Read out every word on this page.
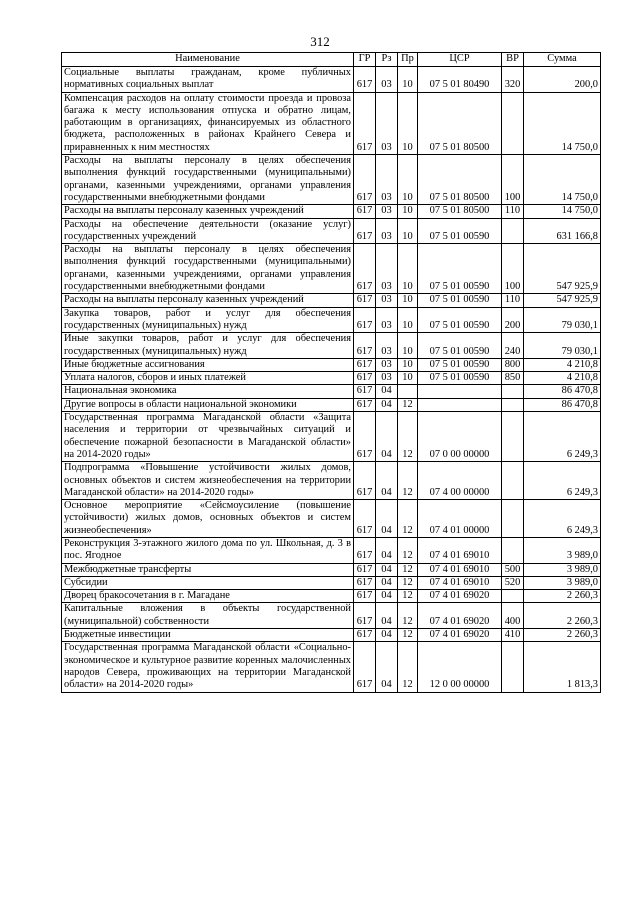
312
Наименование	ГР	Рз	Пр	ЦСР	ВР	Сумма
Социальные выплаты гражданам, кроме публичных нормативных социальных выплат	617	03	10	07 5 01 80490	320	200,0
Компенсация расходов на оплату стоимости проезда и провоза багажа к месту использования отпуска и обратно лицам, работающим в организациях, финансируемых из областного бюджета, расположенных в районах Крайнего Севера и приравненных к ним местностях	617	03	10	07 5 01 80500		14 750,0
Расходы на выплаты персоналу в целях обеспечения выполнения функций государственными (муниципальными) органами, казенными учреждениями, органами управления государственными внебюджетными фондами	617	03	10	07 5 01 80500	100	14 750,0
Расходы на выплаты персоналу казенных учреждений	617	03	10	07 5 01 80500	110	14 750,0
Расходы на обеспечение деятельности (оказание услуг) государственных учреждений	617	03	10	07 5 01 00590		631 166,8
Расходы на выплаты персоналу в целях обеспечения выполнения функций государственными (муниципальными) органами, казенными учреждениями, органами управления государственными внебюджетными фондами	617	03	10	07 5 01 00590	100	547 925,9
Расходы на выплаты персоналу казенных учреждений	617	03	10	07 5 01 00590	110	547 925,9
Закупка товаров, работ и услуг для обеспечения государственных (муниципальных) нужд	617	03	10	07 5 01 00590	200	79 030,1
Иные закупки товаров, работ и услуг для обеспечения государственных (муниципальных) нужд	617	03	10	07 5 01 00590	240	79 030,1
Иные бюджетные ассигнования	617	03	10	07 5 01 00590	800	4 210,8
Уплата налогов, сборов и иных платежей	617	03	10	07 5 01 00590	850	4 210,8
Национальная экономика	617	04				86 470,8
Другие вопросы в области национальной экономики	617	04	12			86 470,8
Государственная программа Магаданской области «Защита населения и территории от чрезвычайных ситуаций и обеспечение пожарной безопасности в Магаданской области» на 2014-2020 годы»	617	04	12	07 0 00 00000		6 249,3
Подпрограмма «Повышение устойчивости жилых домов, основных объектов и систем жизнеобеспечения на территории Магаданской области» на 2014-2020 годы»	617	04	12	07 4 00 00000		6 249,3
Основное мероприятие «Сейсмоусиление (повышение устойчивости) жилых домов, основных объектов и систем жизнеобеспечения»	617	04	12	07 4 01 00000		6 249,3
Реконструкция 3-этажного жилого дома по ул. Школьная, д. 3 в пос. Ягодное	617	04	12	07 4 01 69010		3 989,0
Межбюджетные трансферты	617	04	12	07 4 01 69010	500	3 989,0
Субсидии	617	04	12	07 4 01 69010	520	3 989,0
Дворец бракосочетания в г. Магадане	617	04	12	07 4 01 69020		2 260,3
Капитальные вложения в объекты государственной (муниципальной) собственности	617	04	12	07 4 01 69020	400	2 260,3
Бюджетные инвестиции	617	04	12	07 4 01 69020	410	2 260,3
Государственная программа Магаданской области «Социально-экономическое и культурное развитие коренных малочисленных народов Севера, проживающих на территории Магаданской области» на 2014-2020 годы»	617	04	12	12 0 00 00000		1 813,3
